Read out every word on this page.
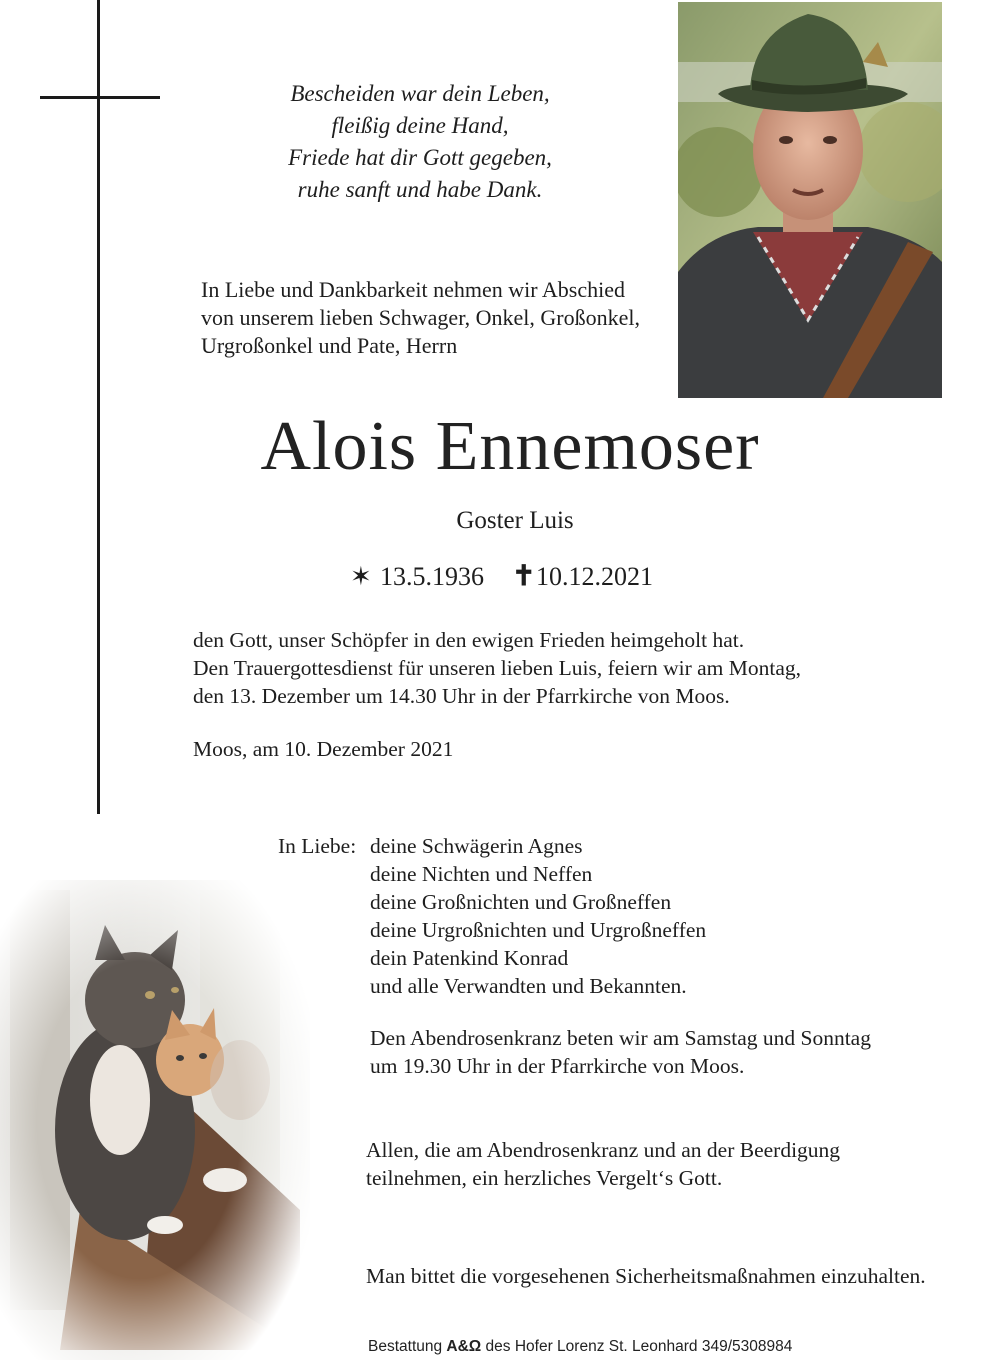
Bescheiden war dein Leben,
fleißig deine Hand,
Friede hat dir Gott gegeben,
ruhe sanft und habe Dank.
In Liebe und Dankbarkeit nehmen wir Abschied
von unserem lieben Schwager, Onkel, Großonkel,
Urgroßonkel und Pate, Herrn
Alois Ennemoser
Goster Luis
✶ 13.5.1936 ✝10.12.2021
den Gott, unser Schöpfer in den ewigen Frieden heimgeholt hat.
Den Trauergottesdienst für unseren lieben Luis, feiern wir am Montag,
den 13. Dezember um 14.30 Uhr in der Pfarrkirche von Moos.
Moos, am 10. Dezember 2021
In Liebe: deine Schwägerin Agnes
deine Nichten und Neffen
deine Großnichten und Großneffen
deine Urgroßnichten und Urgroßneffen
dein Patenkind Konrad
und alle Verwandten und Bekannten.
Den Abendrosenkranz beten wir am Samstag und Sonntag
um 19.30 Uhr in der Pfarrkirche von Moos.
Allen, die am Abendrosenkranz und an der Beerdigung
teilnehmen, ein herzliches Vergelt‘s Gott.
Man bittet die vorgesehenen Sicherheitsmaßnahmen einzuhalten.
Bestattung A&Ω des Hofer Lorenz St. Leonhard 349/5308984
